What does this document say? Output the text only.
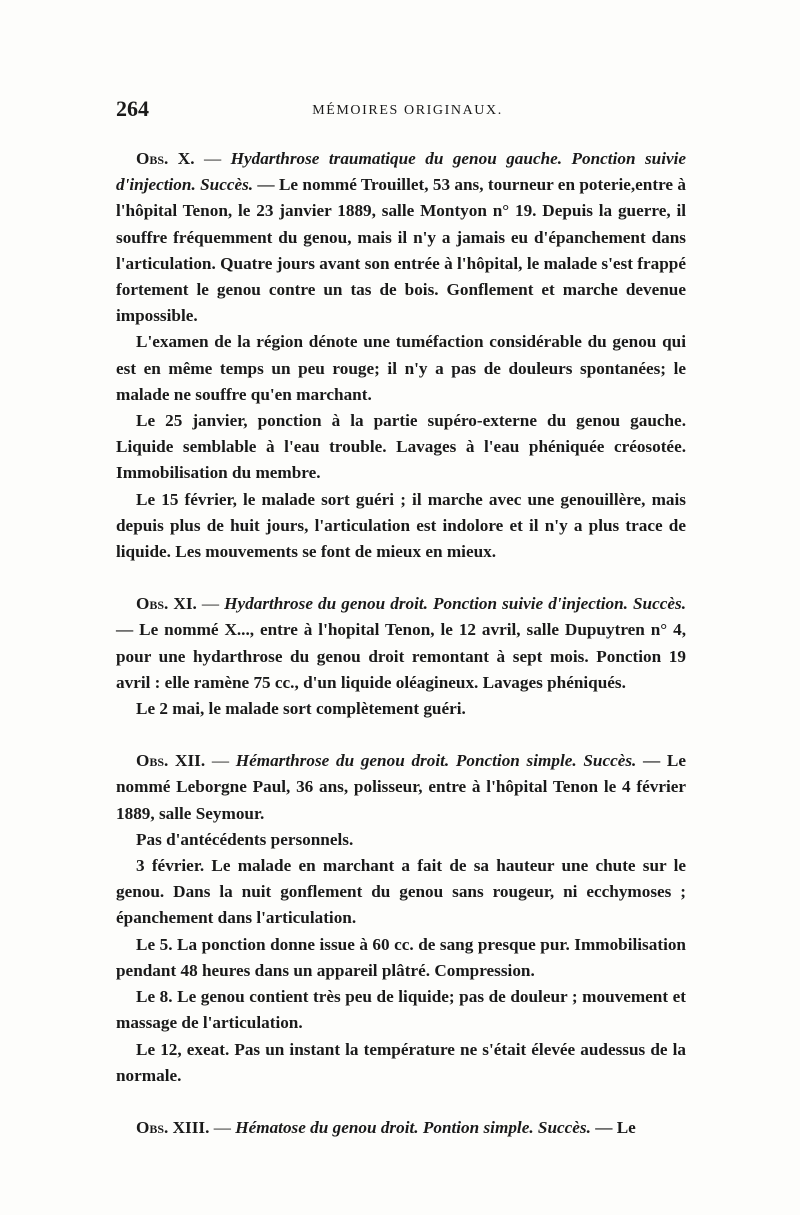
264	MÉMOIRES ORIGINAUX.

Obs. X. — Hydarthrose traumatique du genou gauche. Ponction suivie d'injection. Succès. — Le nommé Trouillet, 53 ans, tourneur en poterie,entre à l'hôpital Tenon, le 23 janvier 1889, salle Montyon n° 19. Depuis la guerre, il souffre fréquemment du genou, mais il n'y a jamais eu d'épanchement dans l'articulation. Quatre jours avant son entrée à l'hôpital, le malade s'est frappé fortement le genou contre un tas de bois. Gonflement et marche devenue impossible.

L'examen de la région dénote une tuméfaction considérable du genou qui est en même temps un peu rouge; il n'y a pas de douleurs spontanées; le malade ne souffre qu'en marchant.

Le 25 janvier, ponction à la partie supéro-externe du genou gauche. Liquide semblable à l'eau trouble. Lavages à l'eau phéniquée créosotée. Immobilisation du membre.

Le 15 février, le malade sort guéri ; il marche avec une genouillère, mais depuis plus de huit jours, l'articulation est indolore et il n'y a plus trace de liquide. Les mouvements se font de mieux en mieux.

Obs. XI. — Hydarthrose du genou droit. Ponction suivie d'injection. Succès. — Le nommé X..., entre à l'hopital Tenon, le 12 avril, salle Dupuytren n° 4, pour une hydarthrose du genou droit remontant à sept mois. Ponction 19 avril : elle ramène 75 cc., d'un liquide oléagineux. Lavages phéniqués.

Le 2 mai, le malade sort complètement guéri.

Obs. XII. — Hémarthrose du genou droit. Ponction simple. Succès. — Le nommé Leborgne Paul, 36 ans, polisseur, entre à l'hôpital Tenon le 4 février 1889, salle Seymour.

Pas d'antécédents personnels.

3 février. Le malade en marchant a fait de sa hauteur une chute sur le genou. Dans la nuit gonflement du genou sans rougeur, ni ecchymoses ; épanchement dans l'articulation.

Le 5. La ponction donne issue à 60 cc. de sang presque pur. Immobilisation pendant 48 heures dans un appareil plâtré. Compression.

Le 8. Le genou contient très peu de liquide; pas de douleur ; mouvement et massage de l'articulation.

Le 12, exeat. Pas un instant la température ne s'était élevée audessus de la normale.

Obs. XIII. — Hématose du genou droit. Pontion simple. Succès. — Le
